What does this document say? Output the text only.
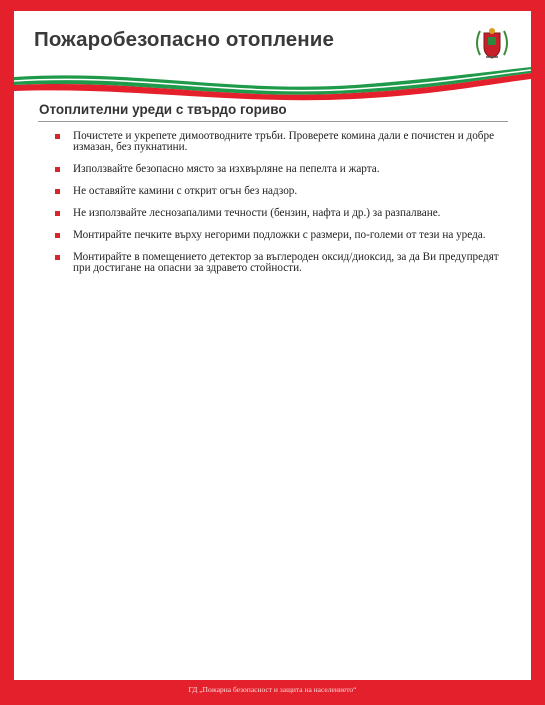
Пожаробезопасно отопление
Отоплителни уреди с твърдо гориво
Почистете и укрепете димоотводните тръби. Проверете комина дали е почистен и добре измазан, без пукнатини.
Използвайте безопасно място за изхвърляне на пепелта и жарта.
Не оставяйте камини с открит огън без надзор.
Не използвайте леснозапалими течности (бензин, нафта и др.) за разпалване.
Монтирайте печките върху негорими подложки с размери, по-големи от тези на уреда.
Монтирайте в помещението детектор за въглероден оксид/диоксид, за да Ви предупредят при достигане на опасни за здравето стойности.
ГД „Пожарна безопасност и защита на населението“
